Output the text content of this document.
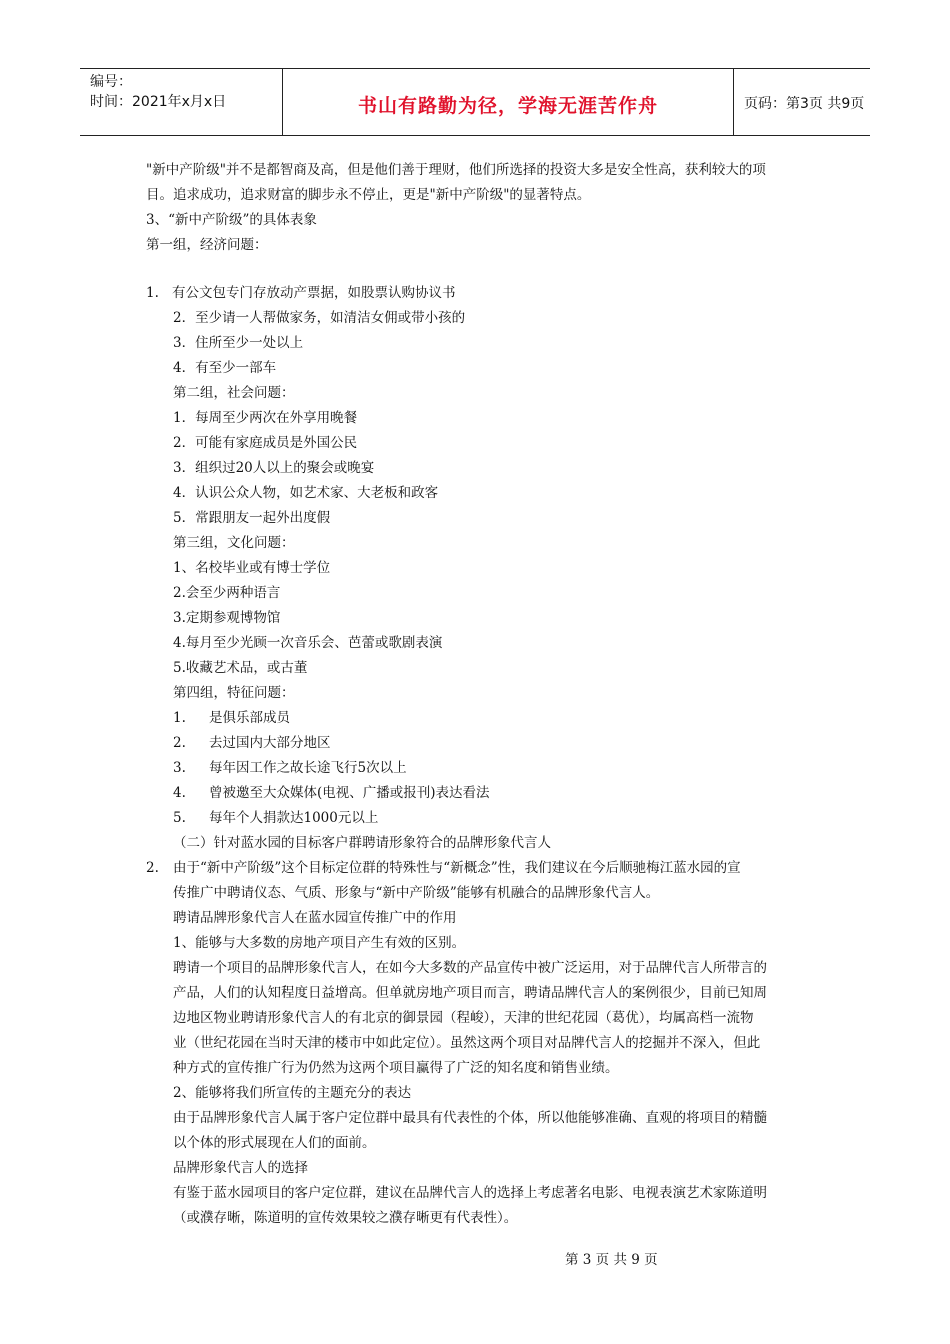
编号：
时间：2021年x月x日	书山有路勤为径，学海无涯苦作舟	页码：第3页 共9页
"新中产阶级"并不是都智商及高，但是他们善于理财，他们所选择的投资大多是安全性高，获利较大的项
目。追求成功，追求财富的脚步永不停止，更是"新中产阶级"的显著特点。
3、“新中产阶级”的具体表象
第一组，经济问题：
1. 有公文包专门存放动产票据，如股票认购协议书
2．至少请一人帮做家务，如清洁女佣或带小孩的
3．住所至少一处以上
4．有至少一部车
第二组，社会问题：
1．每周至少两次在外享用晚餐
2．可能有家庭成员是外国公民
3．组织过20人以上的聚会或晚宴
4．认识公众人物，如艺术家、大老板和政客
5．常跟朋友一起外出度假
第三组，文化问题：
1、名校毕业或有博士学位
2.会至少两种语言
3.定期参观博物馆
4.每月至少光顾一次音乐会、芭蕾或歌剧表演
5.收藏艺术品，或古董
第四组，特征问题：
1. 是俱乐部成员
2. 去过国内大部分地区
3. 每年因工作之故长途飞行5次以上
4. 曾被邀至大众媒体(电视、广播或报刊)表达看法
5. 每年个人捐款达1000元以上
（二）针对蓝水园的目标客户群聘请形象符合的品牌形象代言人
2. 由于“新中产阶级”这个目标定位群的特殊性与“新概念”性，我们建议在今后顺驰梅江蓝水园的宣
传推广中聘请仪态、气质、形象与“新中产阶级”能够有机融合的品牌形象代言人。
聘请品牌形象代言人在蓝水园宣传推广中的作用
1、能够与大多数的房地产项目产生有效的区别。
聘请一个项目的品牌形象代言人，在如今大多数的产品宣传中被广泛运用，对于品牌代言人所带言的
产品，人们的认知程度日益增高。但单就房地产项目而言，聘请品牌代言人的案例很少，目前已知周
边地区物业聘请形象代言人的有北京的御景园（程峻），天津的世纪花园（葛优），均属高档一流物
业（世纪花园在当时天津的楼市中如此定位）。虽然这两个项目对品牌代言人的挖掘并不深入，但此
种方式的宣传推广行为仍然为这两个项目赢得了广泛的知名度和销售业绩。
2、能够将我们所宣传的主题充分的表达
由于品牌形象代言人属于客户定位群中最具有代表性的个体，所以他能够准确、直观的将项目的精髓
以个体的形式展现在人们的面前。
品牌形象代言人的选择
有鉴于蓝水园项目的客户定位群，建议在品牌代言人的选择上考虑著名电影、电视表演艺术家陈道明
（或濮存晰，陈道明的宣传效果较之濮存晰更有代表性）。
第 3 页 共 9 页
